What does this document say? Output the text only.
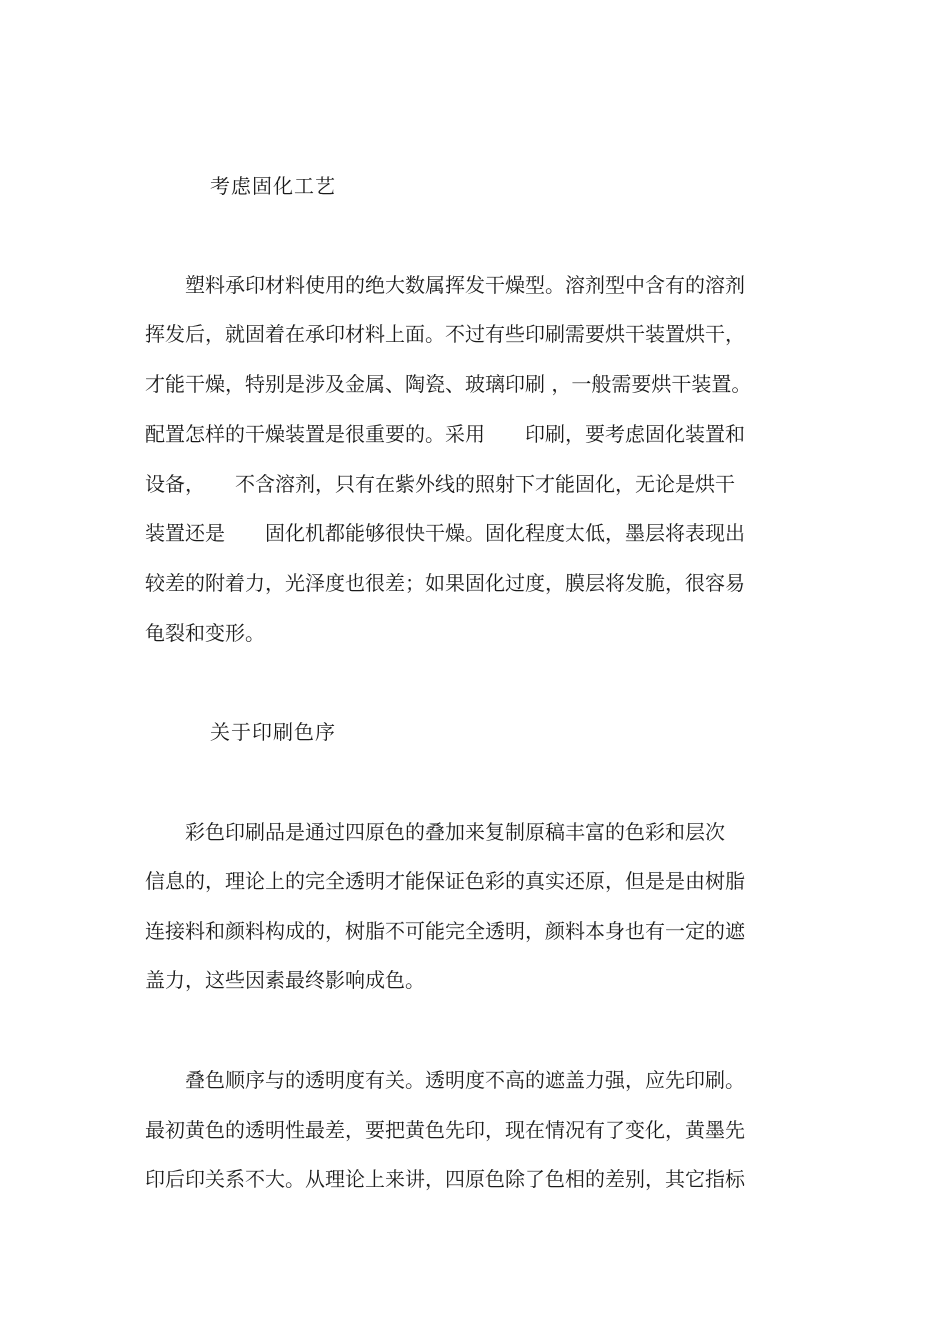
考虑固化工艺
　　塑料承印材料使用的绝大数属挥发干燥型。溶剂型中含有的溶剂
挥发后，就固着在承印材料上面。不过有些印刷需要烘干装置烘干，
才能干燥，特别是涉及金属、陶瓷、玻璃印刷 ，一般需要烘干装置。
配置怎样的干燥装置是很重要的。采用　　印刷，要考虑固化装置和
设备，　　不含溶剂，只有在紫外线的照射下才能固化，无论是烘干
装置还是　　固化机都能够很快干燥。固化程度太低，墨层将表现出
较差的附着力，光泽度也很差；如果固化过度，膜层将发脆，很容易
龟裂和变形。
关于印刷色序
　　彩色印刷品是通过四原色的叠加来复制原稿丰富的色彩和层次
信息的，理论上的完全透明才能保证色彩的真实还原，但是是由树脂
连接料和颜料构成的，树脂不可能完全透明，颜料本身也有一定的遮
盖力，这些因素最终影响成色。
　　叠色顺序与的透明度有关。透明度不高的遮盖力强，应先印刷。
最初黄色的透明性最差，要把黄色先印，现在情况有了变化，黄墨先
印后印关系不大。从理论上来讲，四原色除了色相的差别，其它指标
